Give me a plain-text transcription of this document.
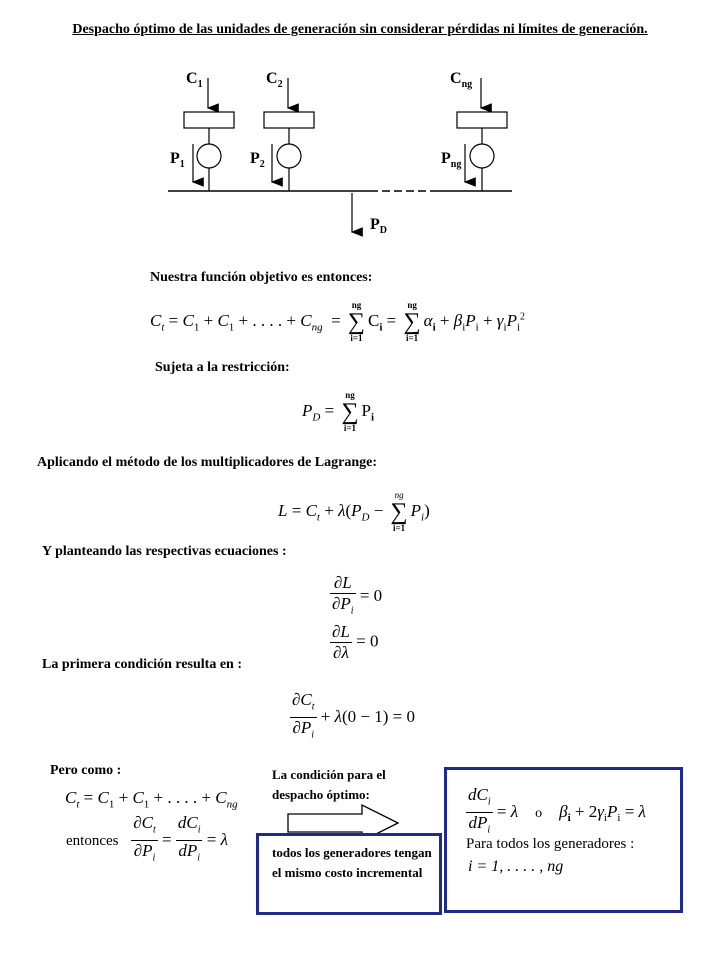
Despacho óptimo de las unidades de generación sin considerar pérdidas ni límites de generación.
$C_1$	$C_2$	$C_{ng}$
$P_1$	$P_2$	$P_{ng}$
$P_D$
Nuestra función objetivo es entonces:
$C_t = C_1 + C_1$ + . . . . + $C_{ng}$  =
ng
∑
i=1
$C_i$ =
ng
∑
i=1
$\alpha_i + \beta_iP_i + \gamma_iP_i^2$
Sujeta a la restricción:
$P_D$ =
ng
∑
i=1
$P_i$
Aplicando el método de los multiplicadores de Lagrange:
$L = C_t + \lambda(P_D$ −
ng
∑
i=1
$P_i$)
Y planteando las respectivas ecuaciones :
$\frac{\partial L}{\partial P_i} = 0$
$\frac{\partial L}{\partial\lambda} = 0$
La primera condición resulta en :
$\frac{\partial C_t}{\partial P_i} + \lambda(0 - 1) = 0$
Pero como :
$C_t = C_1 + C_1$ + . . . . + $C_{ng}$
entonces $\frac{\partial C_t}{\partial P_i} = \frac{dC_i}{dP_i} = \lambda$
La condición para el despacho óptimo:
todos los generadores tengan el mismo costo incremental
$\frac{dC_i}{dP_i} = \lambda$ o $\beta_i + 2\gamma_iP_i = \lambda$
Para todos los generadores :
i = 1, . . . . , ng
